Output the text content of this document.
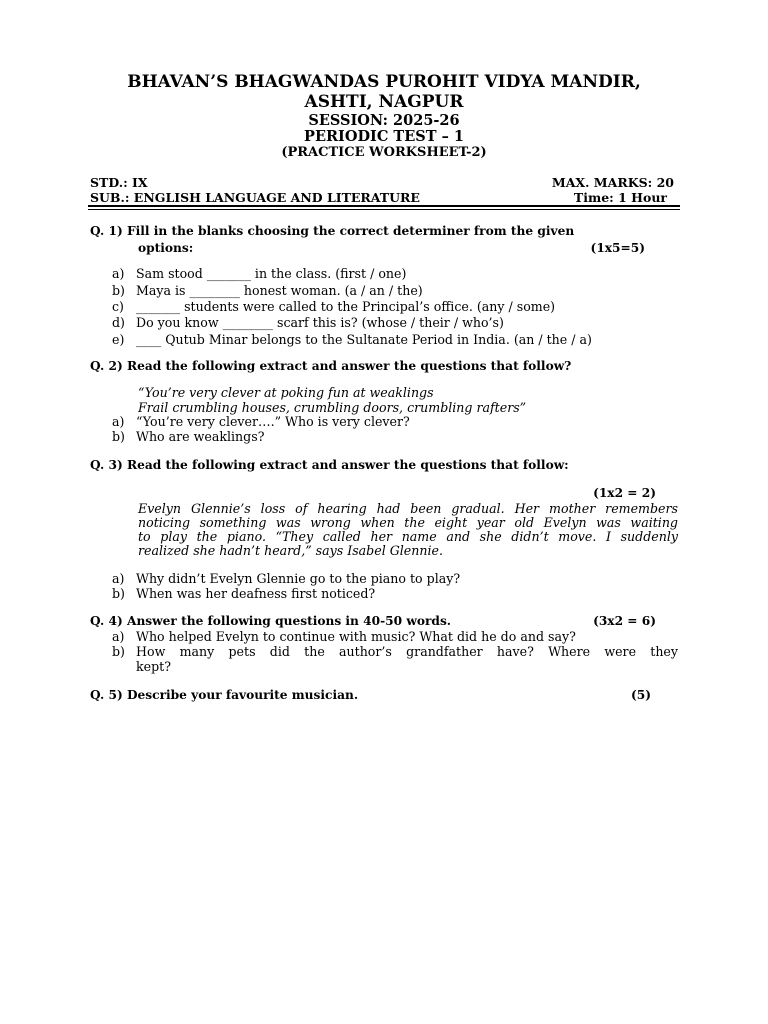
BHAVAN’S BHAGWANDAS PUROHIT VIDYA MANDIR,
ASHTI, NAGPUR
SESSION: 2025-26
PERIODIC TEST – 1
(PRACTICE WORKSHEET-2)
STD.: IX	MAX. MARKS: 20
SUB.: ENGLISH LANGUAGE AND LITERATURE	Time: 1 Hour
Q. 1) Fill in the blanks choosing the correct determiner from the given
options:	(1x5=5)
a) Sam stood _______ in the class. (first / one)
b) Maya is ________ honest woman. (a / an / the)
c) _______ students were called to the Principal’s office. (any / some)
d) Do you know ________ scarf this is? (whose / their / who’s)
e) ____ Qutub Minar belongs to the Sultanate Period in India. (an / the / a)
Q. 2) Read the following extract and answer the questions that follow?
“You’re very clever at poking fun at weaklings
Frail crumbling houses, crumbling doors, crumbling rafters”
a) “You’re very clever….” Who is very clever?
b) Who are weaklings?
Q. 3) Read the following extract and answer the questions that follow:
(1x2 = 2)
Evelyn Glennie’s loss of hearing had been gradual. Her mother remembers
noticing something was wrong when the eight year old Evelyn was waiting
to play the piano. “They called her name and she didn’t move. I suddenly
realized she hadn’t heard,” says Isabel Glennie.
a) Why didn’t Evelyn Glennie go to the piano to play?
b) When was her deafness first noticed?
Q. 4) Answer the following questions in 40-50 words.	(3x2 = 6)
a) Who helped Evelyn to continue with music? What did he do and say?
b) How many pets did the author’s grandfather have? Where were they
kept?
Q. 5) Describe your favourite musician.	(5)
